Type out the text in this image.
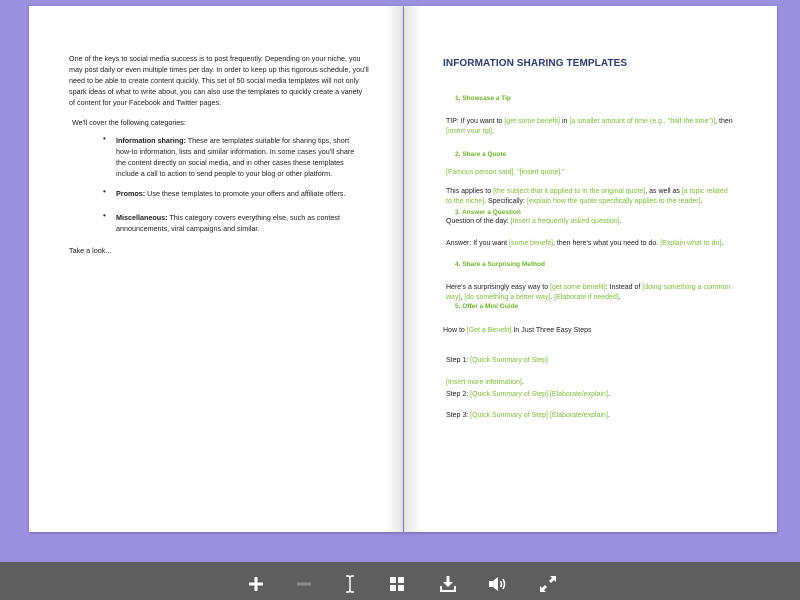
One of the keys to social media success is to post frequently. Depending on your niche, you may post daily or even multiple times per day. In order to keep up this rigorous schedule, you'll need to be able to create content quickly. This set of 50 social media templates will not only spark ideas of what to write about, you can also use the templates to quickly create a variety of content for your Facebook and Twitter pages.

We'll cover the following categories:
• Information sharing: These are templates suitable for sharing tips, short how-to information, lists and similar information. In some cases you'll share the content directly on social media, and in other cases these templates include a call to action to send people to your blog or other platform.
• Promos: Use these templates to promote your offers and affiliate offers.
• Miscellaneous: This category covers everything else, such as contest announcements, viral campaigns and similar.
Take a look...
INFORMATION SHARING TEMPLATES
1. Showcase a Tip
TIP: If you want to [get some benefit] in [a smaller amount of time (e.g., "half the time")], then
[insert your tip].
2. Share a Quote
[Famous person said], "[insert quote]."
This applies to [the subject that it applied to in the original quote], as well as [a topic related
to the niche]. Specifically: [explain how the quote specifically applies to the reader].
3. Answer a Question
Question of the day: [Insert a frequently asked question].
Answer: If you want [some benefit], then here's what you need to do. [Explain what to do].
4. Share a Surprising Method
Here's a surprisingly easy way to [get some benefit]: Instead of [doing something a common
way], [do something a better way]. [Elaborate if needed].
5. Offer a Mini Guide
How to [Get a Benefit] In Just Three Easy Steps
Step 1: [Quick Summary of Step]
[Insert more information].
Step 2: [Quick Summary of Step] [Elaborate/explain].
Step 3: [Quick Summary of Step] [Elaborate/explain].
